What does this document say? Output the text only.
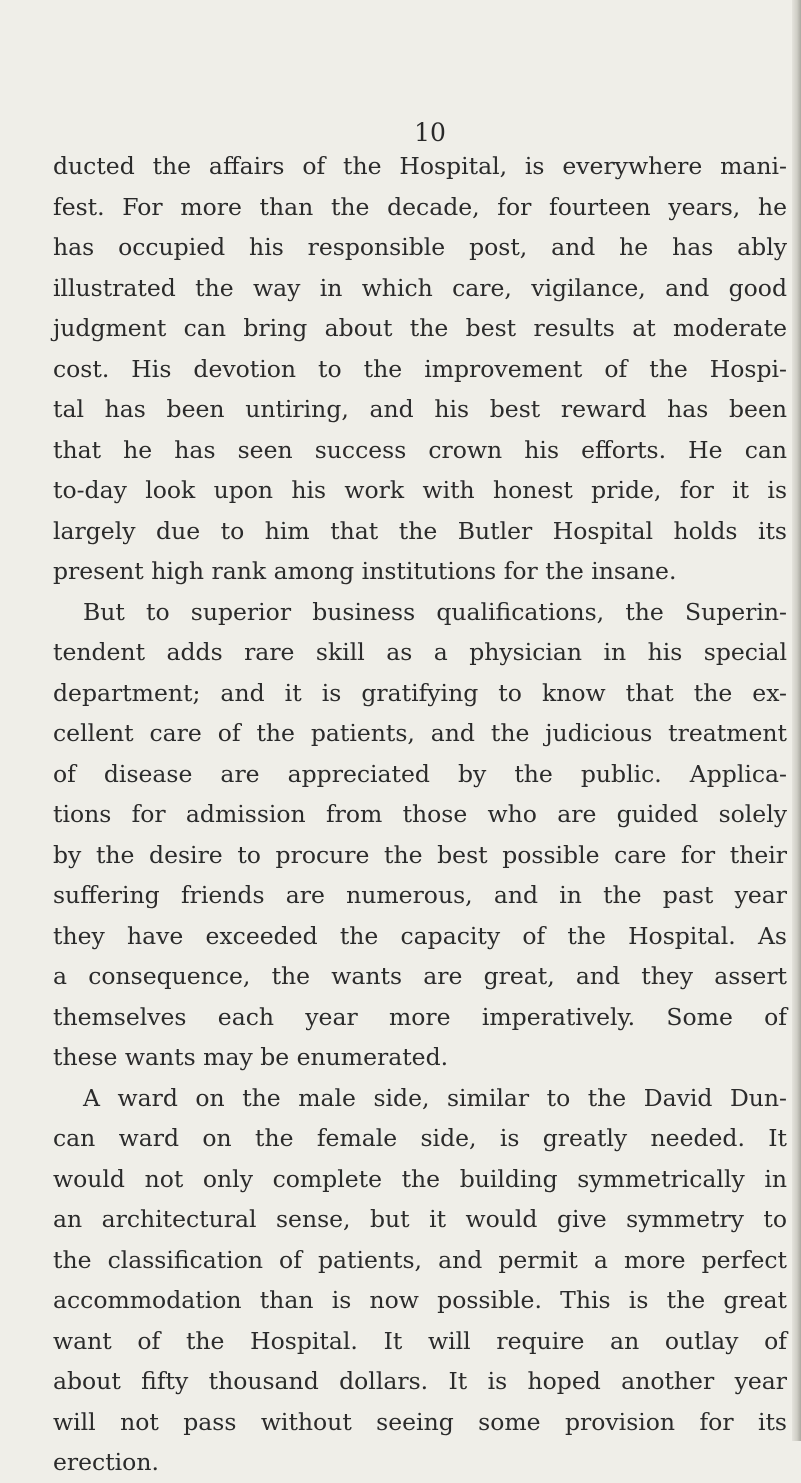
10
ducted the affairs of the Hospital, is everywhere mani-
fest. For more than the decade, for fourteen years, he
has occupied his responsible post, and he has ably
illustrated the way in which care, vigilance, and good
judgment can bring about the best results at moderate
cost. His devotion to the improvement of the Hospi-
tal has been untiring, and his best reward has been
that he has seen success crown his efforts. He can
to-day look upon his work with honest pride, for it is
largely due to him that the Butler Hospital holds its
present high rank among institutions for the insane.
But to superior business qualifications, the Superin-
tendent adds rare skill as a physician in his special
department; and it is gratifying to know that the ex-
cellent care of the patients, and the judicious treatment
of disease are appreciated by the public. Applica-
tions for admission from those who are guided solely
by the desire to procure the best possible care for their
suffering friends are numerous, and in the past year
they have exceeded the capacity of the Hospital. As
a consequence, the wants are great, and they assert
themselves each year more imperatively. Some of
these wants may be enumerated.
A ward on the male side, similar to the David Dun-
can ward on the female side, is greatly needed. It
would not only complete the building symmetrically in
an architectural sense, but it would give symmetry to
the classification of patients, and permit a more perfect
accommodation than is now possible. This is the great
want of the Hospital. It will require an outlay of
about fifty thousand dollars. It is hoped another year
will not pass without seeing some provision for its
erection.
